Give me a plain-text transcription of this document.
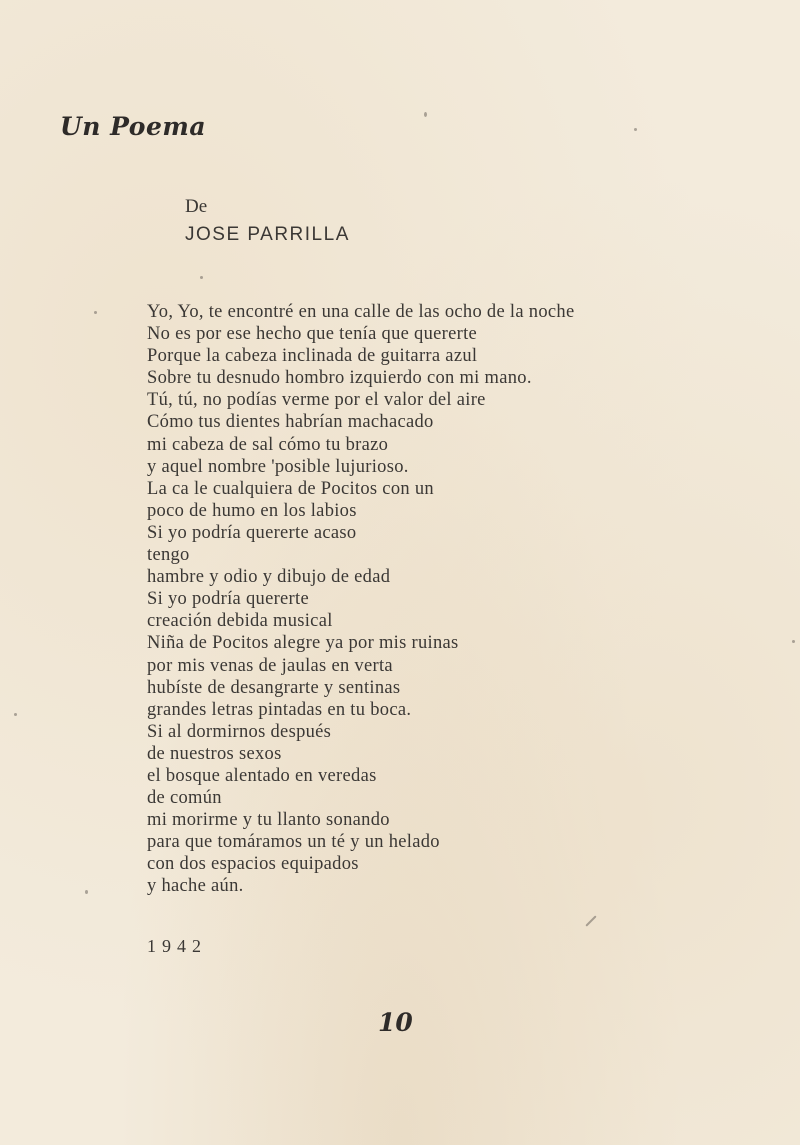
Un Poema
De
JOSE PARRILLA
Yo, Yo, te encontré en una calle de las ocho de la noche
No es por ese hecho que tenía que quererte
Porque la cabeza inclinada de guitarra azul
Sobre tu desnudo hombro izquierdo con mi mano.
Tú, tú, no podías verme por el valor del aire
Cómo tus dientes habrían machacado
mi cabeza de sal cómo tu brazo
y aquel nombre 'posible lujurioso.
La ca le cualquiera de Pocitos con un
poco de humo en los labios
Si yo podría quererte acaso
tengo
hambre y odio y dibujo de edad
Si yo podría quererte
creación debida musical
Niña de Pocitos alegre ya por mis ruinas
por mis venas de jaulas en verta
hubíste de desangrarte y sentinas
grandes letras pintadas en tu boca.
Si al dormirnos después
de nuestros sexos
el bosque alentado en veredas
de común
mi morirme y tu llanto sonando
para que tomáramos un té y un helado
con dos espacios equipados
y hache aún.
1942
10
